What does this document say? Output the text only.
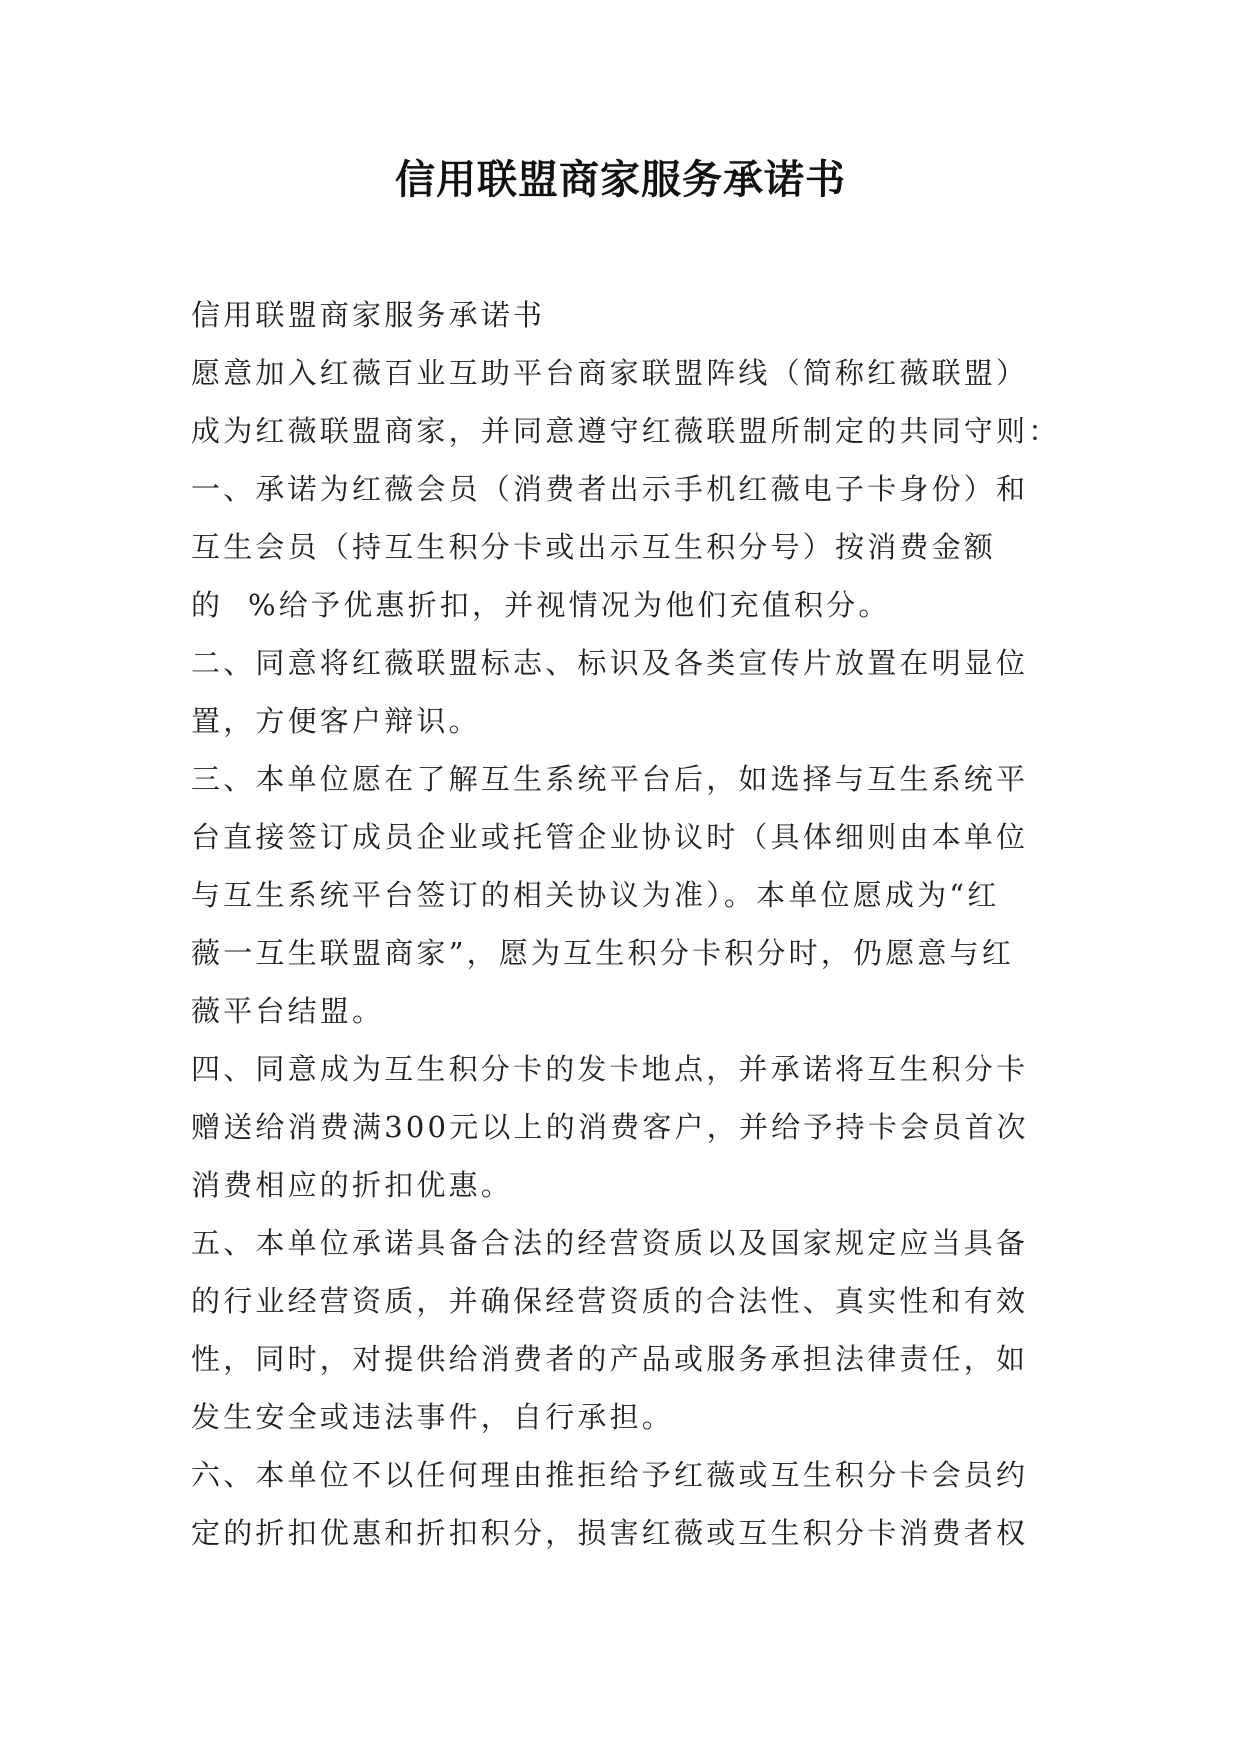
信用联盟商家服务承诺书
信用联盟商家服务承诺书
愿意加入红薇百业互助平台商家联盟阵线（简称红薇联盟）
成为红薇联盟商家，并同意遵守红薇联盟所制定的共同守则：
一、承诺为红薇会员（消费者出示手机红薇电子卡身份）和
互生会员（持互生积分卡或出示互生积分号）按消费金额
的  %给予优惠折扣，并视情况为他们充值积分。
二、同意将红薇联盟标志、标识及各类宣传片放置在明显位
置，方便客户辩识。
三、本单位愿在了解互生系统平台后，如选择与互生系统平
台直接签订成员企业或托管企业协议时（具体细则由本单位
与互生系统平台签订的相关协议为准）。本单位愿成为“红
薇一互生联盟商家”，愿为互生积分卡积分时，仍愿意与红
薇平台结盟。
四、同意成为互生积分卡的发卡地点，并承诺将互生积分卡
赠送给消费满300元以上的消费客户，并给予持卡会员首次
消费相应的折扣优惠。
五、本单位承诺具备合法的经营资质以及国家规定应当具备
的行业经营资质，并确保经营资质的合法性、真实性和有效
性，同时，对提供给消费者的产品或服务承担法律责任，如
发生安全或违法事件，自行承担。
六、本单位不以任何理由推拒给予红薇或互生积分卡会员约
定的折扣优惠和折扣积分，损害红薇或互生积分卡消费者权
